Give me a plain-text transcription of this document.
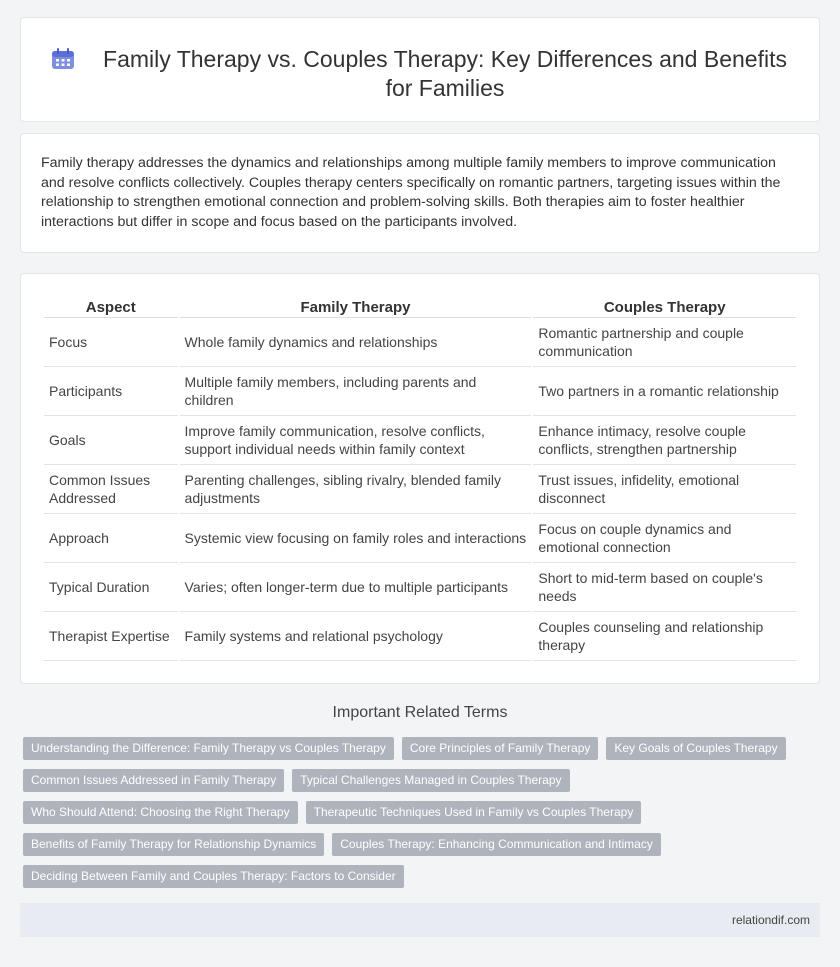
Family Therapy vs. Couples Therapy: Key Differences and Benefits for Families

Family therapy addresses the dynamics and relationships among multiple family members to improve communication and resolve conflicts collectively. Couples therapy centers specifically on romantic partners, targeting issues within the relationship to strengthen emotional connection and problem-solving skills. Both therapies aim to foster healthier interactions but differ in scope and focus based on the participants involved.

Aspect	Family Therapy	Couples Therapy
Focus	Whole family dynamics and relationships	Romantic partnership and couple communication
Participants	Multiple family members, including parents and children	Two partners in a romantic relationship
Goals	Improve family communication, resolve conflicts, support individual needs within family context	Enhance intimacy, resolve couple conflicts, strengthen partnership
Common Issues Addressed	Parenting challenges, sibling rivalry, blended family adjustments	Trust issues, infidelity, emotional disconnect
Approach	Systemic view focusing on family roles and interactions	Focus on couple dynamics and emotional connection
Typical Duration	Varies; often longer-term due to multiple participants	Short to mid-term based on couple's needs
Therapist Expertise	Family systems and relational psychology	Couples counseling and relationship therapy
Important Related Terms
Understanding the Difference: Family Therapy vs Couples Therapy	Core Principles of Family Therapy	Key Goals of Couples Therapy
Common Issues Addressed in Family Therapy	Typical Challenges Managed in Couples Therapy
Who Should Attend: Choosing the Right Therapy	Therapeutic Techniques Used in Family vs Couples Therapy
Benefits of Family Therapy for Relationship Dynamics	Couples Therapy: Enhancing Communication and Intimacy
Deciding Between Family and Couples Therapy: Factors to Consider
relationdif.com
